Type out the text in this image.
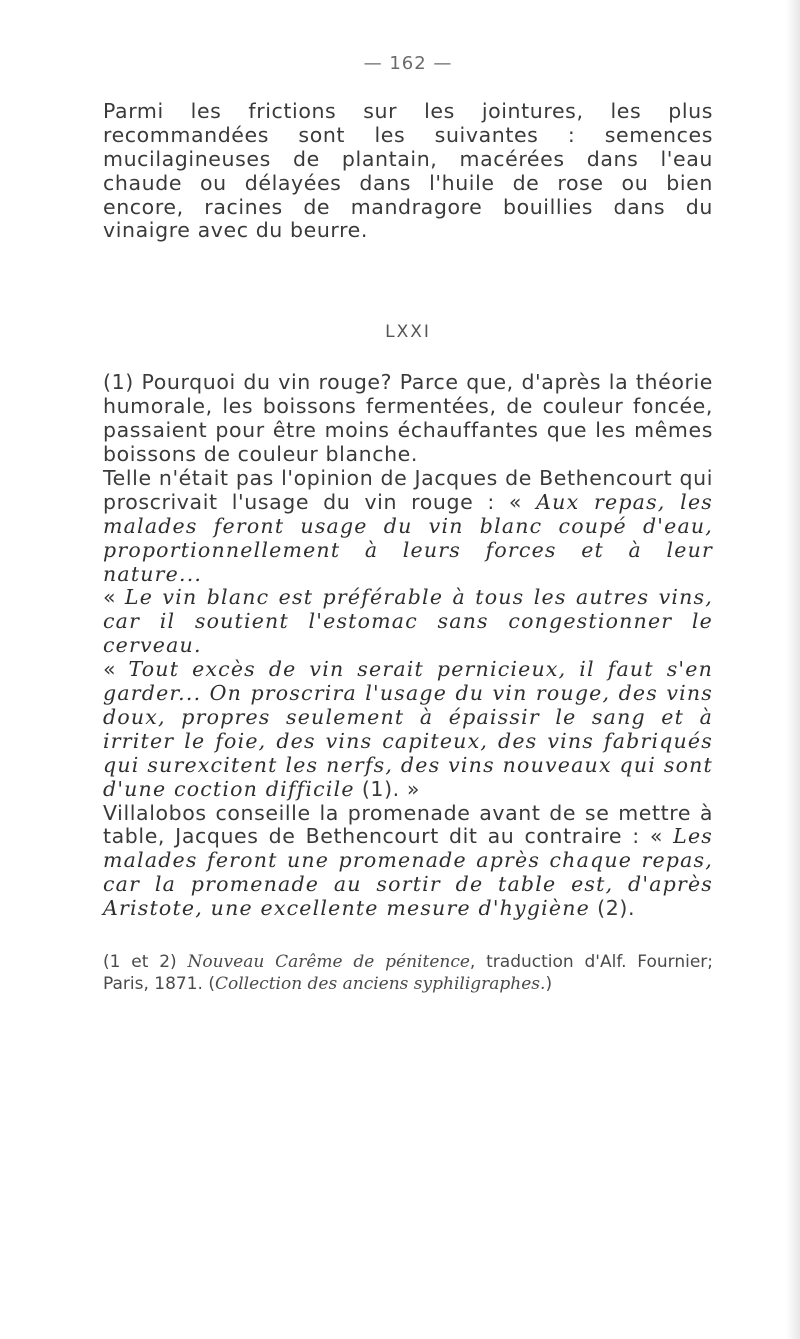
— 162 —

Parmi les frictions sur les jointures, les plus recommandées sont les suivantes : semences mucilagineuses de plantain, macérées dans l'eau chaude ou délayées dans l'huile de rose ou bien encore, racines de mandragore bouillies dans du vinaigre avec du beurre.

LXXI

(1) Pourquoi du vin rouge? Parce que, d'après la théorie humorale, les boissons fermentées, de couleur foncée, passaient pour être moins échauffantes que les mêmes boissons de couleur blanche.

Telle n'était pas l'opinion de Jacques de Bethencourt qui proscrivait l'usage du vin rouge : « Aux repas, les malades feront usage du vin blanc coupé d'eau, proportionnellement à leurs forces et à leur nature...

« Le vin blanc est préférable à tous les autres vins, car il soutient l'estomac sans congestionner le cerveau.

« Tout excès de vin serait pernicieux, il faut s'en garder... On proscrira l'usage du vin rouge, des vins doux, propres seulement à épaissir le sang et à irriter le foie, des vins capiteux, des vins fabriqués qui surexcitent les nerfs, des vins nouveaux qui sont d'une coction difficile (1). »

Villalobos conseille la promenade avant de se mettre à table, Jacques de Bethencourt dit au contraire : « Les malades feront une promenade après chaque repas, car la promenade au sortir de table est, d'après Aristote, une excellente mesure d'hygiène (2).

(1 et 2) Nouveau Carême de pénitence, traduction d'Alf. Fournier; Paris, 1871. (Collection des anciens syphiligraphes.)
